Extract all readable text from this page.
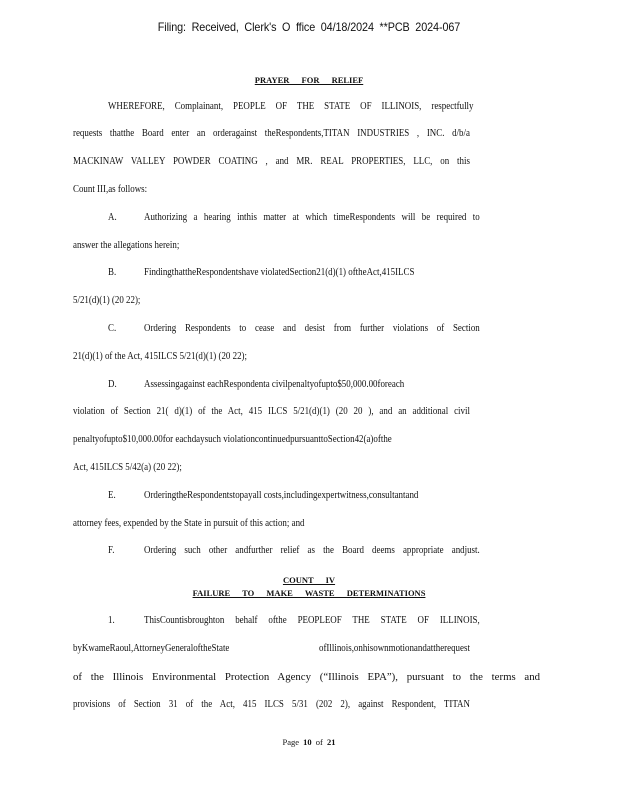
Filing: Received, Clerk's O ffice 04/18/2024 **PCB 2024-067
PRAYER FOR RELIEF
WHEREFORE, Complainant, PEOPLE OF THE STATE OF ILLINOIS, respectfully
requests thatthe Board enter an orderagainst theRespondents,TITAN INDUSTRIES , INC. d/b/a
MACKINAW VALLEY POWDER COATING , and MR. REAL PROPERTIES, LLC, on this
Count III,as follows:
A.	Authorizing a hearing inthis matter at which timeRespondents will be required to
answer the allegations herein;
B.	FindingthattheRespondentshave violatedSection21(d)(1) oftheAct,415ILCS
5/21(d)(1) (20 22);
C.	Ordering Respondents to cease and desist from further violations of Section
21(d)(1) of the Act, 415ILCS 5/21(d)(1) (20 22);
D.	Assessingagainst eachRespondenta civilpenaltyofupto$50,000.00foreach
violation of Section 21( d)(1) of the Act, 415 ILCS 5/21(d)(1) (20 20 ), and an additional civil
penaltyofupto$10,000.00for eachdaysuch violationcontinuedpursuanttoSection42(a)ofthe
Act, 415ILCS 5/42(a) (20 22);
E.	OrderingtheRespondentstopayall costs,includingexpertwitness,consultantand
attorney fees, expended by the State in pursuit of this action; and
F.	Ordering such other andfurther relief as the Board deems appropriate andjust.
COUNT IV
FAILURE TO MAKE WASTE DETERMINATIONS
1.	ThisCountisbroughton behalf ofthe PEOPLEOF THE STATE OF ILLINOIS,
byKwameRaoul,AttorneyGeneraloftheState ofIllinois,onhisownmotionandattherequest
of the Illinois Environmental Protection Agency (“Illinois EPA”), pursuant to the terms and
provisions of Section 31 of the Act, 415 ILCS 5/31 (202 2), against Respondent, TITAN
Page 10 of 21
